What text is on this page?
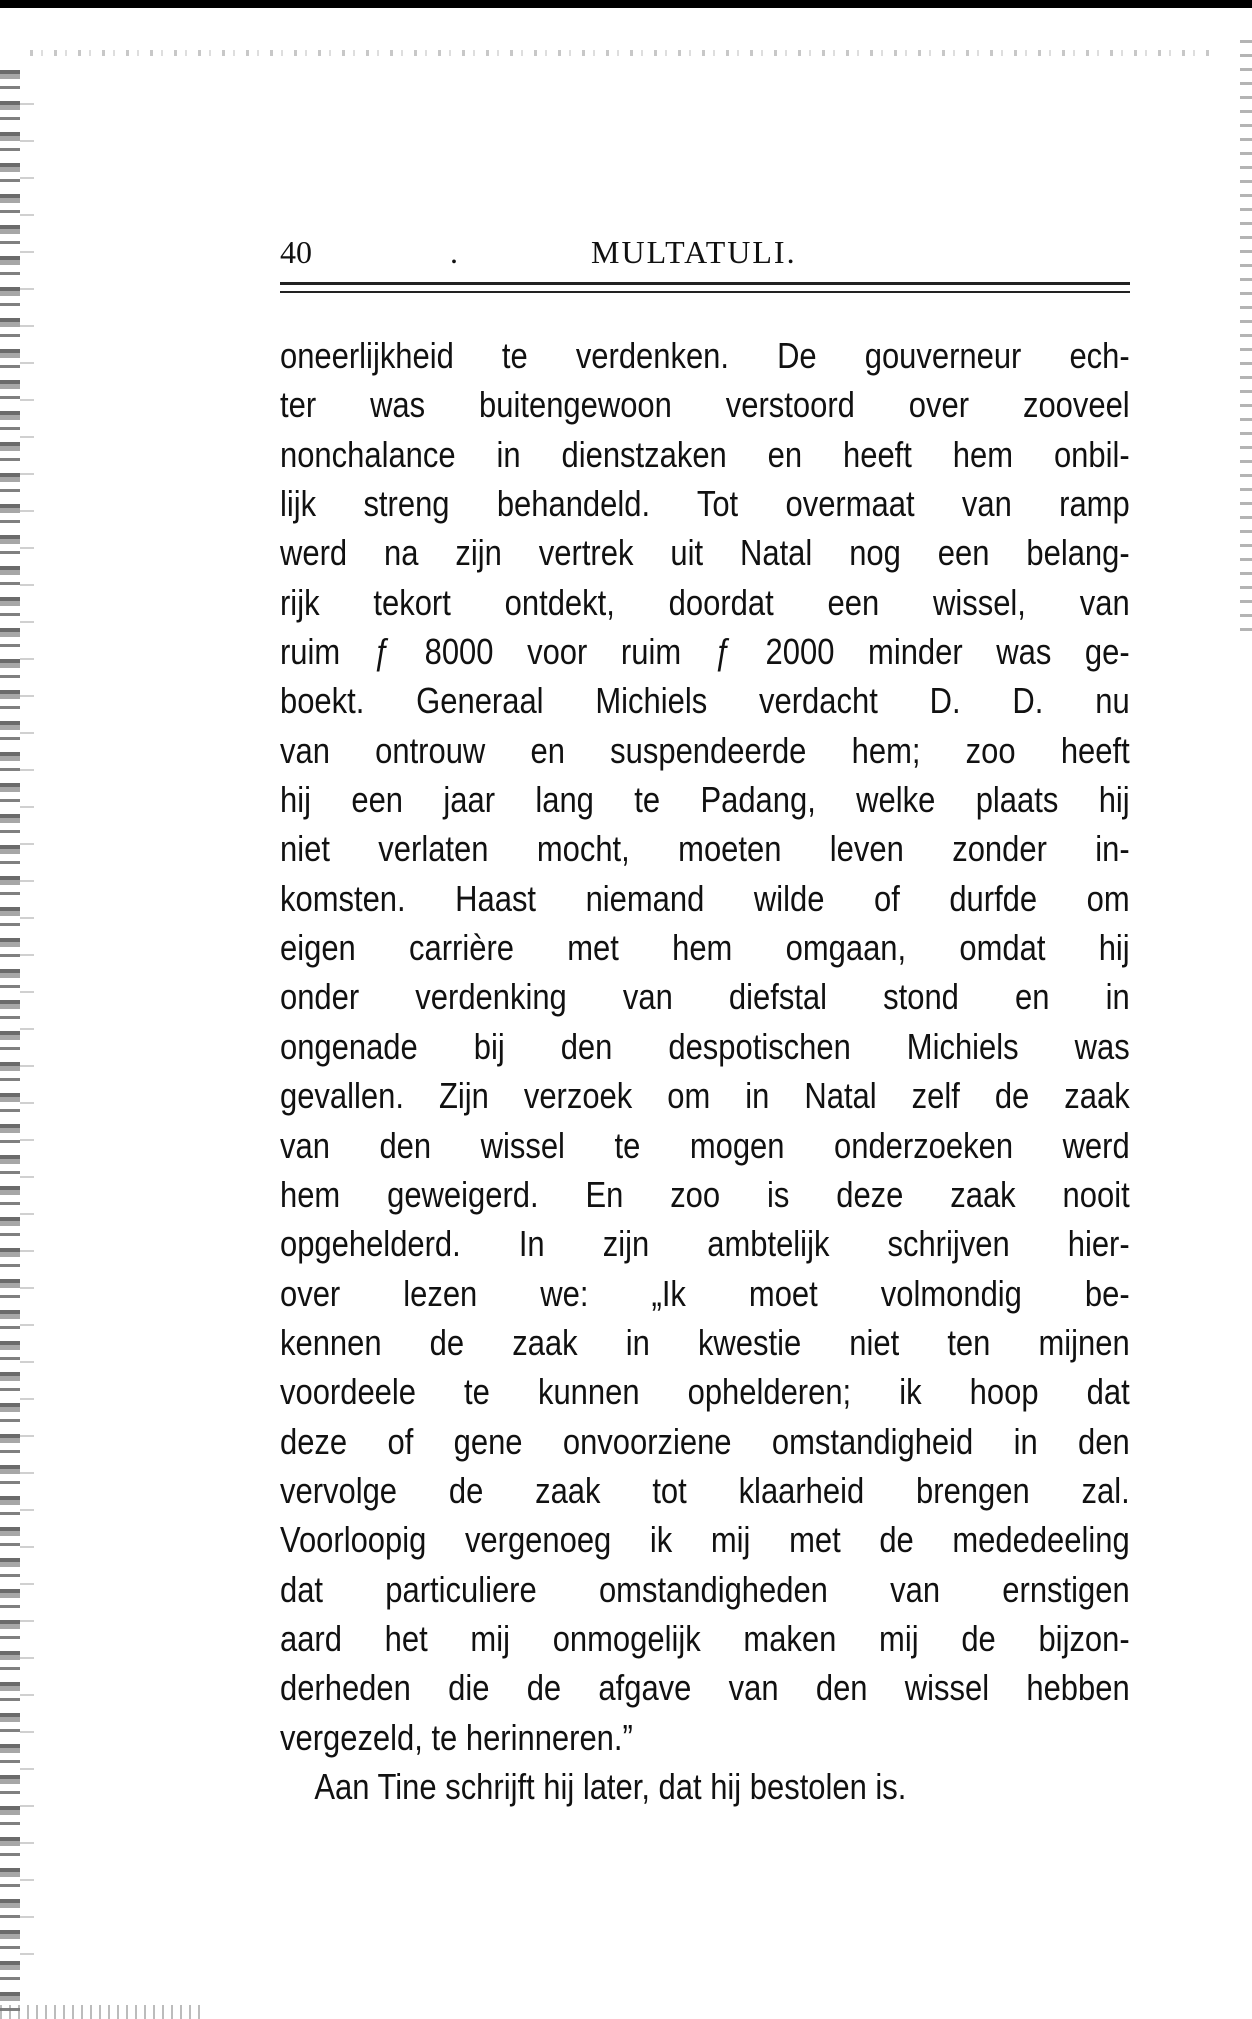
40	.	MULTATULI.
oneerlijkheid te verdenken. De gouverneur ech-
ter was buitengewoon verstoord over zooveel
nonchalance in dienstzaken en heeft hem onbil-
lijk streng behandeld. Tot overmaat van ramp
werd na zijn vertrek uit Natal nog een belang-
rijk tekort ontdekt, doordat een wissel, van
ruim ƒ 8000 voor ruim ƒ 2000 minder was ge-
boekt. Generaal Michiels verdacht D. D. nu
van ontrouw en suspendeerde hem; zoo heeft
hij een jaar lang te Padang, welke plaats hij
niet verlaten mocht, moeten leven zonder in-
komsten. Haast niemand wilde of durfde om
eigen carrière met hem omgaan, omdat hij
onder verdenking van diefstal stond en in
ongenade bij den despotischen Michiels was
gevallen. Zijn verzoek om in Natal zelf de zaak
van den wissel te mogen onderzoeken werd
hem geweigerd. En zoo is deze zaak nooit
opgehelderd. In zijn ambtelijk schrijven hier-
over lezen we: „Ik moet volmondig be-
kennen de zaak in kwestie niet ten mijnen
voordeele te kunnen ophelderen; ik hoop dat
deze of gene onvoorziene omstandigheid in den
vervolge de zaak tot klaarheid brengen zal.
Voorloopig vergenoeg ik mij met de mededeeling
dat particuliere omstandigheden van ernstigen
aard het mij onmogelijk maken mij de bijzon-
derheden die de afgave van den wissel hebben
vergezeld, te herinneren.”
Aan Tine schrijft hij later, dat hij bestolen is.
